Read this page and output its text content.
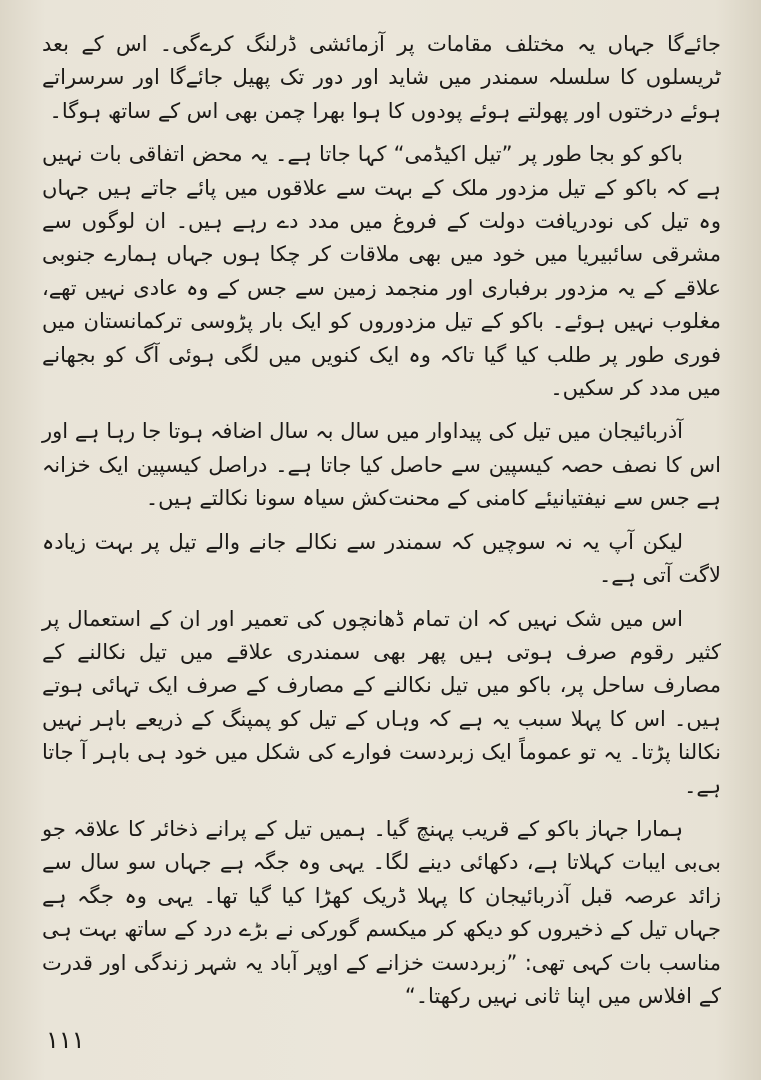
جائےگا جہاں یہ مختلف مقامات پر آزمائشی ڈرلنگ کرےگی۔ اس کے بعد ٹریسلوں کا سلسلہ سمندر میں شاید اور دور تک پھیل جائےگا اور سرسراتے ہوئے درختوں اور پھولتے ہوئے پودوں کا ہوا بھرا چمن بھی اس کے ساتھ ہوگا۔

باکو کو بجا طور پر ”تیل اکیڈمی“ کہا جاتا ہے۔ یہ محض اتفاقی بات نہیں ہے کہ باکو کے تیل مزدور ملک کے بہت سے علاقوں میں پائے جاتے ہیں جہاں وہ تیل کی نودریافت دولت کے فروغ میں مدد دے رہے ہیں۔ ان لوگوں سے مشرقی سائبیریا میں خود میں بھی ملاقات کر چکا ہوں جہاں ہمارے جنوبی علاقے کے یہ مزدور برفباری اور منجمد زمین سے جس کے وہ عادی نہیں تھے، مغلوب نہیں ہوئے۔ باکو کے تیل مزدوروں کو ایک بار پڑوسی ترکمانستان میں فوری طور پر طلب کیا گیا تاکہ وہ ایک کنویں میں لگی ہوئی آگ کو بجھانے میں مدد کر سکیں۔

آذربائیجان میں تیل کی پیداوار میں سال بہ سال اضافہ ہوتا جا رہا ہے اور اس کا نصف حصہ کیسپین سے حاصل کیا جاتا ہے۔ دراصل کیسپین ایک خزانہ ہے جس سے نیفتیانیئے کامنی کے محنت‌کش سیاہ سونا نکالتے ہیں۔

لیکن آپ یہ نہ سوچیں کہ سمندر سے نکالے جانے والے تیل پر بہت زیادہ لاگت آتی ہے۔

اس میں شک نہیں کہ ان تمام ڈھانچوں کی تعمیر اور ان کے استعمال پر کثیر رقوم صرف ہوتی ہیں پھر بھی سمندری علاقے میں تیل نکالنے کے مصارف ساحل پر، باکو میں تیل نکالنے کے مصارف کے صرف ایک تہائی ہوتے ہیں۔ اس کا پہلا سبب یہ ہے کہ وہاں کے تیل کو پمپنگ کے ذریعے باہر نہیں نکالنا پڑتا۔ یہ تو عموماً ایک زبردست فوارے کی شکل میں خود ہی باہر آ جاتا ہے۔

ہمارا جہاز باکو کے قریب پہنچ گیا۔ ہمیں تیل کے پرانے ذخائر کا علاقہ جو بی‌بی ایبات کہلاتا ہے، دکھائی دینے لگا۔ یہی وہ جگہ ہے جہاں سو سال سے زائد عرصہ قبل آذربائیجان کا پہلا ڈریک کھڑا کیا گیا تھا۔ یہی وہ جگہ ہے جہاں تیل کے ذخیروں کو دیکھ کر میکسم گورکی نے بڑے درد کے ساتھ بہت ہی مناسب بات کہی تھی: ”زبردست خزانے کے اوپر آباد یہ شہر زندگی اور قدرت کے افلاس میں اپنا ثانی نہیں رکھتا۔“

١١١
